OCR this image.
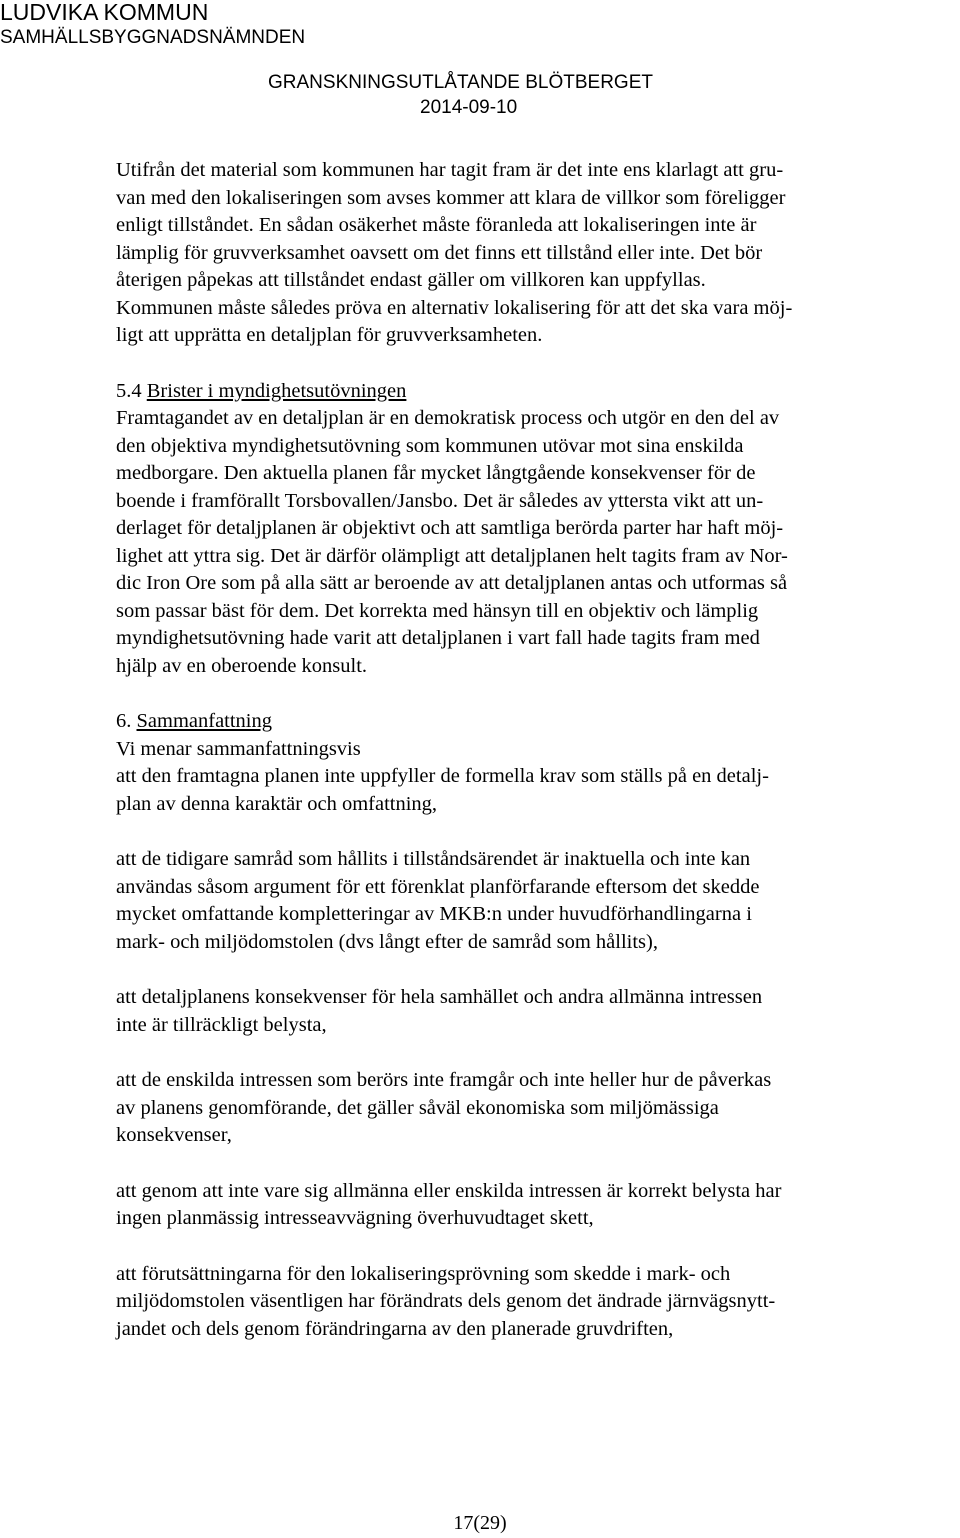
LUDVIKA KOMMUN
SAMHÄLLSBYGGNADSNÄMNDEN
GRANSKNINGSUTLÅTANDE BLÖTBERGET
2014-09-10
Utifrån det material som kommunen har tagit fram är det inte ens klarlagt att gru-
van med den lokaliseringen som avses kommer att klara de villkor som föreligger
enligt tillståndet. En sådan osäkerhet måste föranleda att lokaliseringen inte är
lämplig för gruvverksamhet oavsett om det finns ett tillstånd eller inte. Det bör
återigen påpekas att tillståndet endast gäller om villkoren kan uppfyllas.
Kommunen måste således pröva en alternativ lokalisering för att det ska vara möj-
ligt att upprätta en detaljplan för gruvverksamheten.
5.4 Brister i myndighetsutövningen
Framtagandet av en detaljplan är en demokratisk process och utgör en den del av
den objektiva myndighetsutövning som kommunen utövar mot sina enskilda
medborgare. Den aktuella planen får mycket långtgående konsekvenser för de
boende i framförallt Torsbovallen/Jansbo. Det är således av yttersta vikt att un-
derlaget för detaljplanen är objektivt och att samtliga berörda parter har haft möj-
lighet att yttra sig. Det är därför olämpligt att detaljplanen helt tagits fram av Nor-
dic Iron Ore som på alla sätt ar beroende av att detaljplanen antas och utformas så
som passar bäst för dem. Det korrekta med hänsyn till en objektiv och lämplig
myndighetsutövning hade varit att detaljplanen i vart fall hade tagits fram med
hjälp av en oberoende konsult.
6. Sammanfattning
Vi menar sammanfattningsvis
att den framtagna planen inte uppfyller de formella krav som ställs på en detalj-
plan av denna karaktär och omfattning,
att de tidigare samråd som hållits i tillståndsärendet är inaktuella och inte kan
användas såsom argument för ett förenklat planförfarande eftersom det skedde
mycket omfattande kompletteringar av MKB:n under huvudförhandlingarna i
mark- och miljödomstolen (dvs långt efter de samråd som hållits),
att detaljplanens konsekvenser för hela samhället och andra allmänna intressen
inte är tillräckligt belysta,
att de enskilda intressen som berörs inte framgår och inte heller hur de påverkas
av planens genomförande, det gäller såväl ekonomiska som miljömässiga
konsekvenser,
att genom att inte vare sig allmänna eller enskilda intressen är korrekt belysta har
ingen planmässig intresseavvägning överhuvudtaget skett,
att förutsättningarna för den lokaliseringsprövning som skedde i mark- och
miljödomstolen väsentligen har förändrats dels genom det ändrade järnvägsnytt-
jandet och dels genom förändringarna av den planerade gruvdriften,
17(29)
